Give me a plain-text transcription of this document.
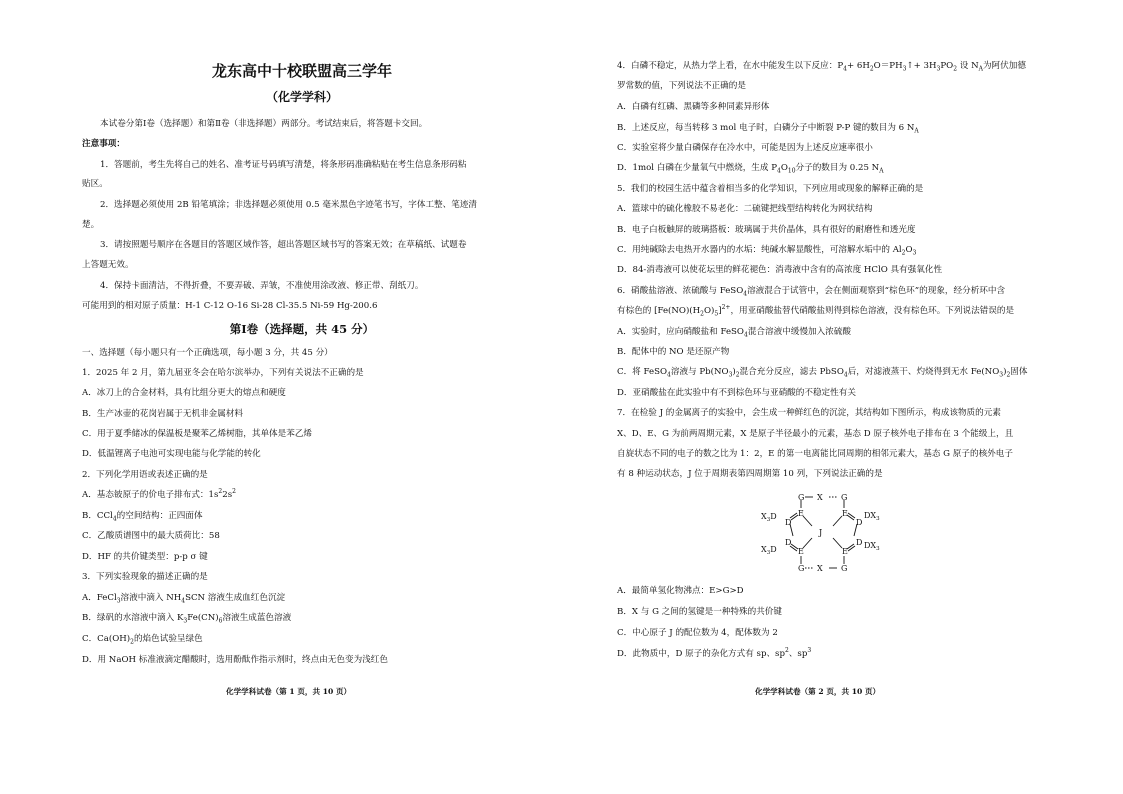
龙东高中十校联盟高三学年
（化学学科）
本试卷分第Ⅰ卷（选择题）和第Ⅱ卷（非选择题）两部分。考试结束后，将答题卡交回。
注意事项：
1．答题前，考生先将自己的姓名、准考证号码填写清楚，将条形码准确粘贴在考生信息条形码粘
贴区。
2．选择题必须使用 2B 铅笔填涂；非选择题必须使用 0.5 毫米黑色字迹笔书写，字体工整、笔迹清
楚。
3．请按照题号顺序在各题目的答题区域作答，超出答题区域书写的答案无效；在草稿纸、试题卷
上答题无效。
4．保持卡面清洁，不得折叠，不要弄破、弄皱，不准使用涂改液、修正带、刮纸刀。
可能用到的相对原子质量：H-1 C-12 O-16 Si-28 Cl-35.5 Ni-59 Hg-200.6
第Ⅰ卷（选择题，共 45 分）
一、选择题（每小题只有一个正确选项，每小题 3 分，共 45 分）
1．2025 年 2 月，第九届亚冬会在哈尔滨举办，下列有关说法不正确的是
A．冰刀上的合金材料，具有比组分更大的熔点和硬度
B．生产冰壶的花岗岩属于无机非金属材料
C．用于夏季储冰的保温板是聚苯乙烯树脂，其单体是苯乙烯
D．低温锂离子电池可实现电能与化学能的转化
2．下列化学用语或表述正确的是
A．基态铍原子的价电子排布式：$1s^22s^2$
B．CCl$_4$的空间结构：正四面体
C．乙酸质谱图中的最大质荷比：58
D．HF 的共价键类型：p-p σ 键
3．下列实验现象的描述正确的是
A．FeCl$_3$溶液中滴入 $NH_4SCN$ 溶液生成血红色沉淀
B．绿矾的水溶液中滴入 $K_3Fe(CN)_6$溶液生成蓝色溶液
C．$Ca(OH)_2$的焰色试验呈绿色
D．用 NaOH 标准液滴定醋酸时，选用酚酞作指示剂时，终点由无色变为浅红色
化学学科试卷（第 1 页，共 10 页）
4．白磷不稳定，从热力学上看，在水中能发生以下反应：$P_4+$ $6H_2O=PH_3↑+ 3H_3PO_2$ 设 $N_A$为阿伏加德
罗常数的值，下列说法不正确的是
A．白磷有红磷、黑磷等多种同素异形体
B．上述反应，每当转移 3 mol 电子时，白磷分子中断裂 P-P 键的数目为 6 $N_A$
C．实验室将少量白磷保存在冷水中，可能是因为上述反应速率很小
D．1mol 白磷在少量氧气中燃烧，生成 $P_4O_{10}$分子的数目为 0.25 $N_A$
5．我们的校园生活中蕴含着相当多的化学知识，下列应用或现象的解释正确的是
A．篮球中的硫化橡胶不易老化：二硫键把线型结构转化为网状结构
B．电子白板触屏的玻璃搭板：玻璃属于共价晶体，具有很好的耐磨性和透光度
C．用纯碱除去电热开水器内的水垢：纯碱水解显酸性，可溶解水垢中的 $Al_2O_3$
D．84-消毒液可以使花坛里的鲜花褪色：消毒液中含有的高浓度 HClO 具有强氧化性
6．硝酸盐溶液、浓硫酸与 FeSO$_4$溶液混合于试管中，会在侧面观察到“棕色环”的现象，经分析环中含
有棕色的 $[Fe(NO)(H_2O)_5]^{2+}$，用亚硝酸盐替代硝酸盐则得到棕色溶液，没有棕色环。下列说法错误的是
A．实验时，应向硝酸盐和 FeSO$_4$混合溶液中缓慢加入浓硫酸
B．配体中的 NO 是还原产物
C．将 FeSO$_4$溶液与 $Pb(NO_3)_2$混合充分反应，滤去 PbSO$_4$后，对滤液蒸干、灼烧得到无水 $Fe(NO_3)_2$固体
D．亚硝酸盐在此实验中有不到棕色环与亚硝酸的不稳定性有关
7．在检验 J 的金属离子的实验中，会生成一种鲜红色的沉淀，其结构如下图所示，构成该物质的元素
X、D、E、G 为前两周期元素，X 是原子半径最小的元素，基态 D 原子核外电子排布在 3 个能级上，且
自旋状态不同的电子的数之比为 1：2，E 的第一电离能比同周期的相邻元素大，基态 G 原子的核外电子
有 8 种运动状态，J 位于周期表第四周期第 10 列，下列说法正确的是
G X G
E	E
D	D
$X_3D$	$DX_3$
J
D	D
$X_3D$	$DX_3$
E	E
G X G
A．最简单氢化物沸点：E>G>D
B．X 与 G 之间的氢键是一种特殊的共价键
C．中心原子 J 的配位数为 4，配体数为 2
D．此物质中，D 原子的杂化方式有 sp、$sp^2$、$sp^3$
化学学科试卷（第 2 页，共 10 页）
